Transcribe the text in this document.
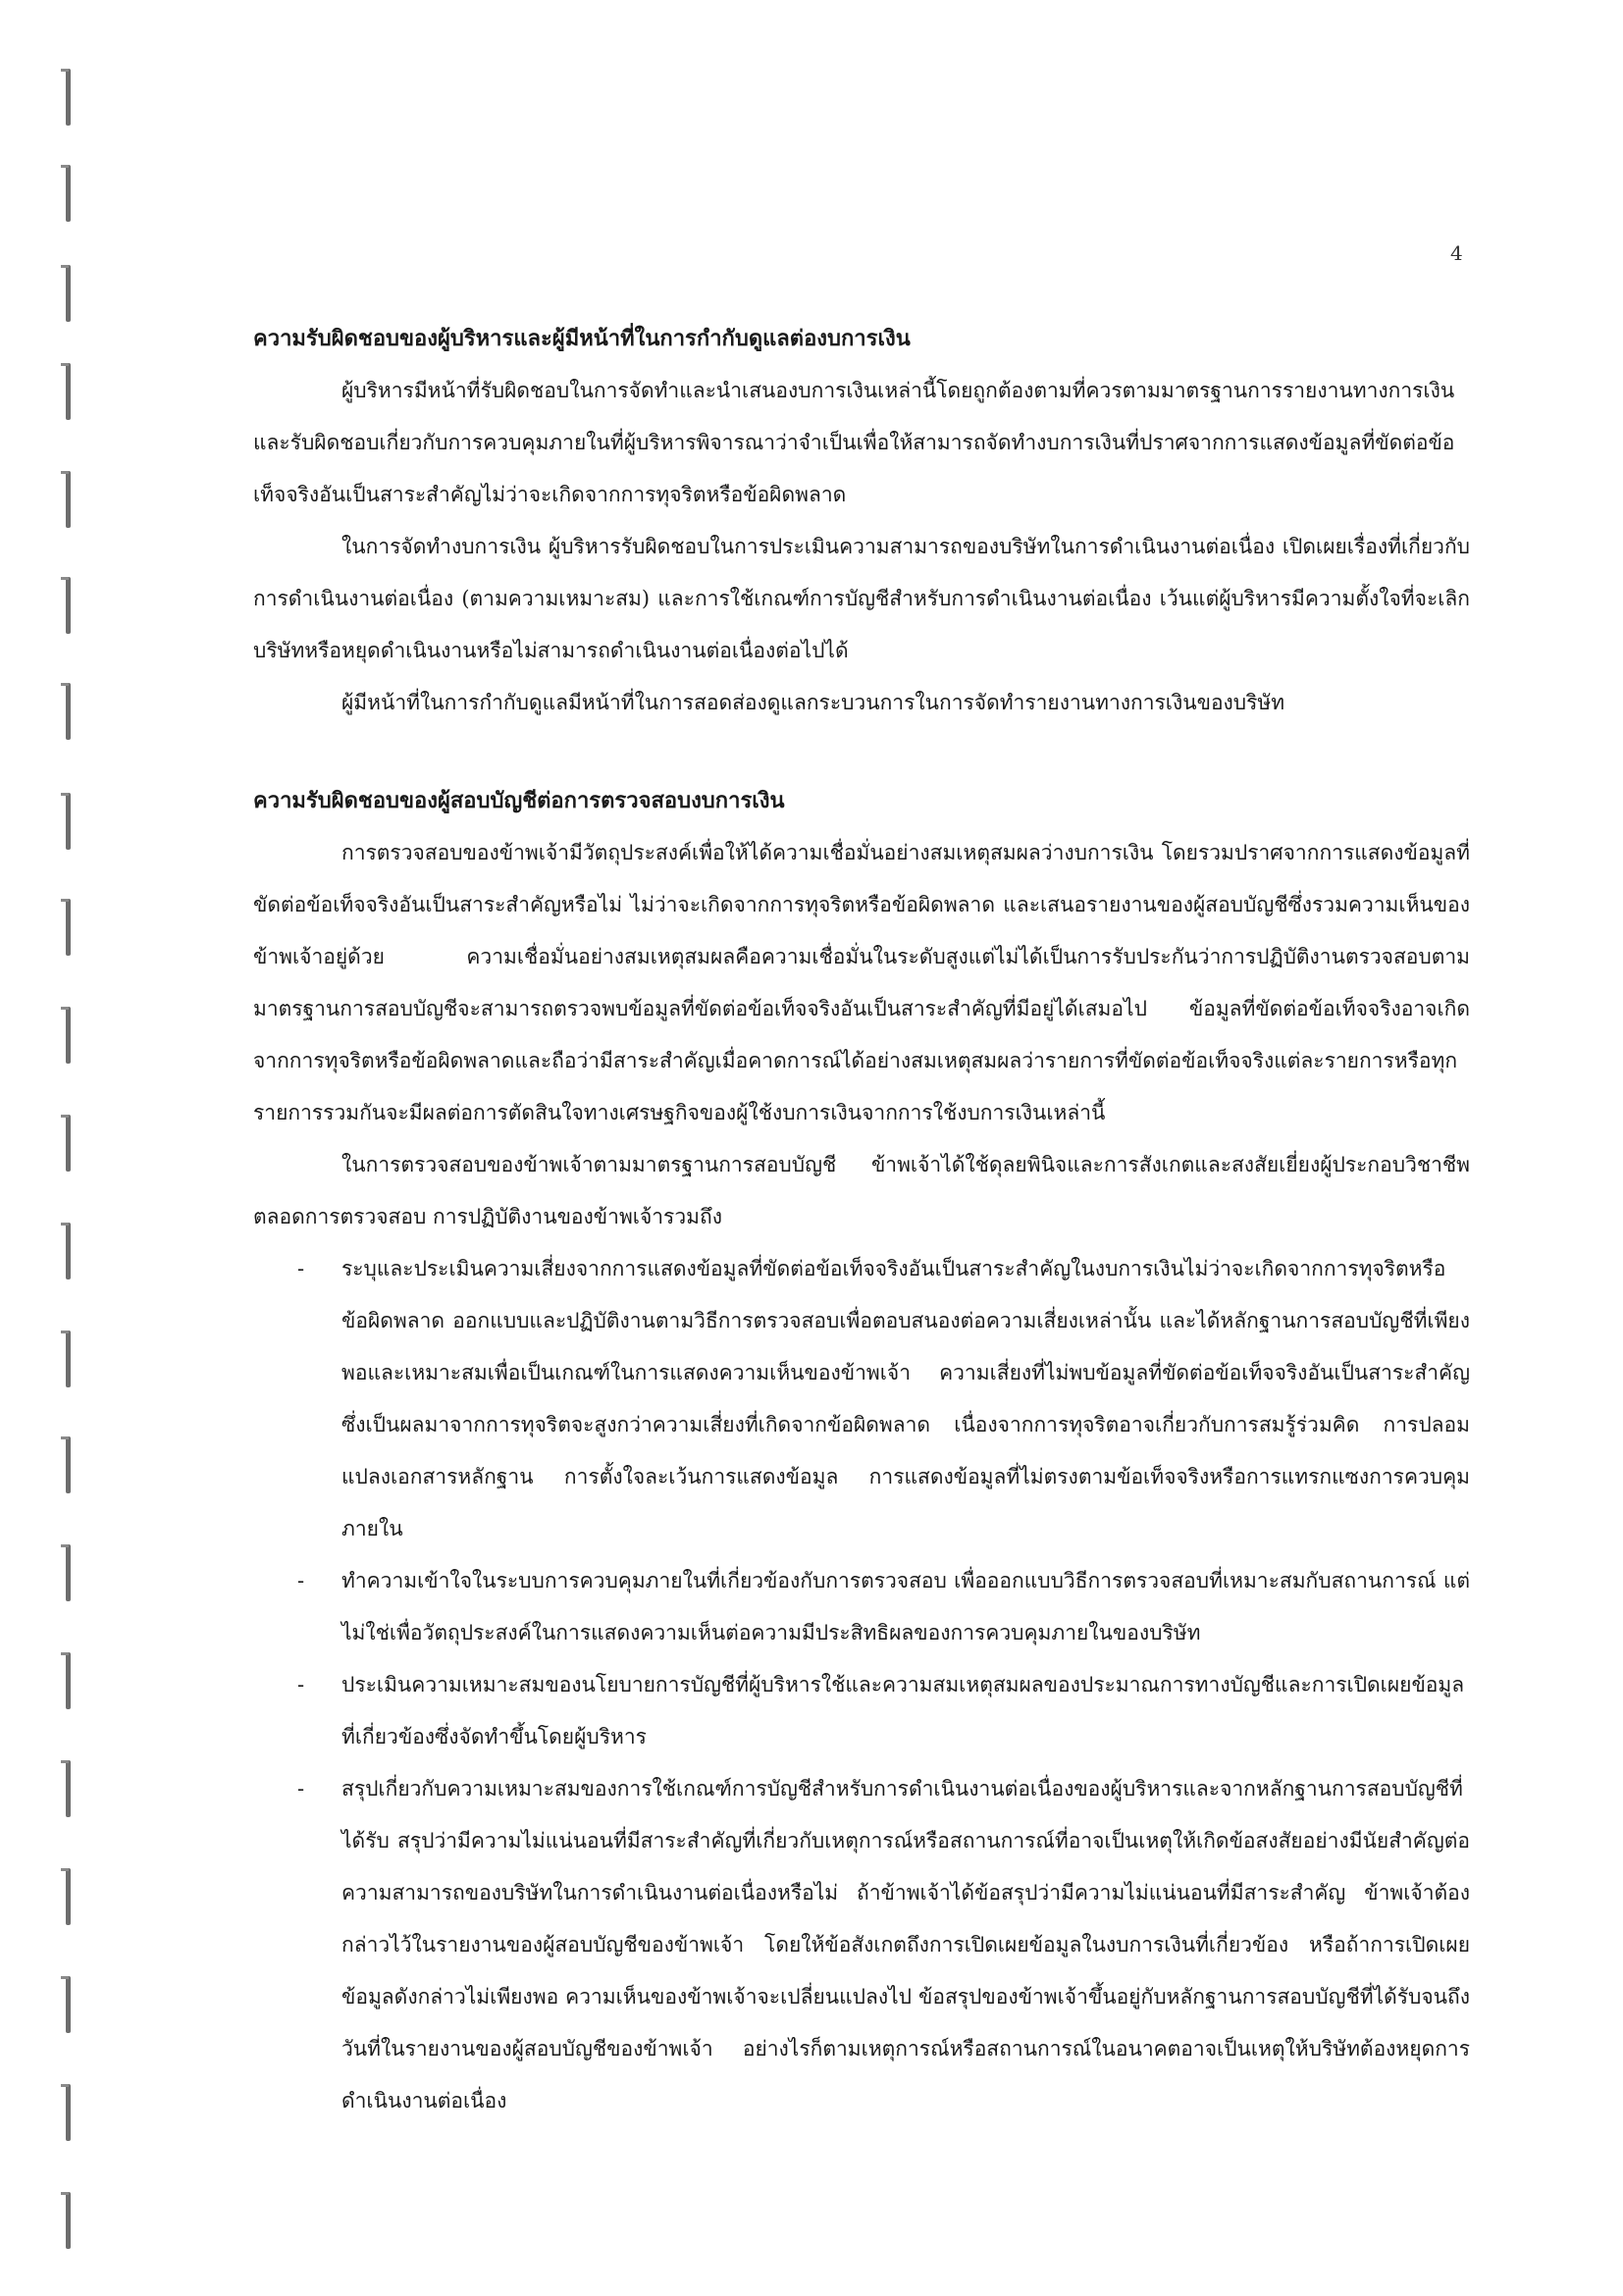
4
ความรับผิดชอบของผู้บริหารและผู้มีหน้าที่ในการกำกับดูแลต่องบการเงิน

ผู้บริหารมีหน้าที่รับผิดชอบในการจัดทำและนำเสนองบการเงินเหล่านี้โดยถูกต้องตามที่ควรตามมาตรฐานการรายงานทางการเงิน และรับผิดชอบเกี่ยวกับการควบคุมภายในที่ผู้บริหารพิจารณาว่าจำเป็นเพื่อให้สามารถจัดทำงบการเงินที่ปราศจากการแสดงข้อมูลที่ขัดต่อข้อเท็จจริงอันเป็นสาระสำคัญไม่ว่าจะเกิดจากการทุจริตหรือข้อผิดพลาด

ในการจัดทำงบการเงิน ผู้บริหารรับผิดชอบในการประเมินความสามารถของบริษัทในการดำเนินงานต่อเนื่อง เปิดเผยเรื่องที่เกี่ยวกับการดำเนินงานต่อเนื่อง (ตามความเหมาะสม) และการใช้เกณฑ์การบัญชีสำหรับการดำเนินงานต่อเนื่อง เว้นแต่ผู้บริหารมีความตั้งใจที่จะเลิกบริษัทหรือหยุดดำเนินงานหรือไม่สามารถดำเนินงานต่อเนื่องต่อไปได้

ผู้มีหน้าที่ในการกำกับดูแลมีหน้าที่ในการสอดส่องดูแลกระบวนการในการจัดทำรายงานทางการเงินของบริษัท

ความรับผิดชอบของผู้สอบบัญชีต่อการตรวจสอบงบการเงิน

การตรวจสอบของข้าพเจ้ามีวัตถุประสงค์เพื่อให้ได้ความเชื่อมั่นอย่างสมเหตุสมผลว่างบการเงิน โดยรวมปราศจากการแสดงข้อมูลที่ขัดต่อข้อเท็จจริงอันเป็นสาระสำคัญหรือไม่ ไม่ว่าจะเกิดจากการทุจริตหรือข้อผิดพลาด และเสนอรายงานของผู้สอบบัญชีซึ่งรวมความเห็นของข้าพเจ้าอยู่ด้วย ความเชื่อมั่นอย่างสมเหตุสมผลคือความเชื่อมั่นในระดับสูงแต่ไม่ได้เป็นการรับประกันว่าการปฏิบัติงานตรวจสอบตามมาตรฐานการสอบบัญชีจะสามารถตรวจพบข้อมูลที่ขัดต่อข้อเท็จจริงอันเป็นสาระสำคัญที่มีอยู่ได้เสมอไป ข้อมูลที่ขัดต่อข้อเท็จจริงอาจเกิดจากการทุจริตหรือข้อผิดพลาดและถือว่ามีสาระสำคัญเมื่อคาดการณ์ได้อย่างสมเหตุสมผลว่ารายการที่ขัดต่อข้อเท็จจริงแต่ละรายการหรือทุกรายการรวมกันจะมีผลต่อการตัดสินใจทางเศรษฐกิจของผู้ใช้งบการเงินจากการใช้งบการเงินเหล่านี้

ในการตรวจสอบของข้าพเจ้าตามมาตรฐานการสอบบัญชี ข้าพเจ้าได้ใช้ดุลยพินิจและการสังเกตและสงสัยเยี่ยงผู้ประกอบวิชาชีพตลอดการตรวจสอบ การปฏิบัติงานของข้าพเจ้ารวมถึง

- ระบุและประเมินความเสี่ยงจากการแสดงข้อมูลที่ขัดต่อข้อเท็จจริงอันเป็นสาระสำคัญในงบการเงินไม่ว่าจะเกิดจากการทุจริตหรือข้อผิดพลาด ออกแบบและปฏิบัติงานตามวิธีการตรวจสอบเพื่อตอบสนองต่อความเสี่ยงเหล่านั้น และได้หลักฐานการสอบบัญชีที่เพียงพอและเหมาะสมเพื่อเป็นเกณฑ์ในการแสดงความเห็นของข้าพเจ้า ความเสี่ยงที่ไม่พบข้อมูลที่ขัดต่อข้อเท็จจริงอันเป็นสาระสำคัญซึ่งเป็นผลมาจากการทุจริตจะสูงกว่าความเสี่ยงที่เกิดจากข้อผิดพลาด เนื่องจากการทุจริตอาจเกี่ยวกับการสมรู้ร่วมคิด การปลอมแปลงเอกสารหลักฐาน การตั้งใจละเว้นการแสดงข้อมูล การแสดงข้อมูลที่ไม่ตรงตามข้อเท็จจริงหรือการแทรกแซงการควบคุมภายใน
- ทำความเข้าใจในระบบการควบคุมภายในที่เกี่ยวข้องกับการตรวจสอบ เพื่อออกแบบวิธีการตรวจสอบที่เหมาะสมกับสถานการณ์ แต่ไม่ใช่เพื่อวัตถุประสงค์ในการแสดงความเห็นต่อความมีประสิทธิผลของการควบคุมภายในของบริษัท
- ประเมินความเหมาะสมของนโยบายการบัญชีที่ผู้บริหารใช้และความสมเหตุสมผลของประมาณการทางบัญชีและการเปิดเผยข้อมูลที่เกี่ยวข้องซึ่งจัดทำขึ้นโดยผู้บริหาร
- สรุปเกี่ยวกับความเหมาะสมของการใช้เกณฑ์การบัญชีสำหรับการดำเนินงานต่อเนื่องของผู้บริหารและจากหลักฐานการสอบบัญชีที่ได้รับ สรุปว่ามีความไม่แน่นอนที่มีสาระสำคัญที่เกี่ยวกับเหตุการณ์หรือสถานการณ์ที่อาจเป็นเหตุให้เกิดข้อสงสัยอย่างมีนัยสำคัญต่อความสามารถของบริษัทในการดำเนินงานต่อเนื่องหรือไม่ ถ้าข้าพเจ้าได้ข้อสรุปว่ามีความไม่แน่นอนที่มีสาระสำคัญ ข้าพเจ้าต้องกล่าวไว้ในรายงานของผู้สอบบัญชีของข้าพเจ้า โดยให้ข้อสังเกตถึงการเปิดเผยข้อมูลในงบการเงินที่เกี่ยวข้อง หรือถ้าการเปิดเผยข้อมูลดังกล่าวไม่เพียงพอ ความเห็นของข้าพเจ้าจะเปลี่ยนแปลงไป ข้อสรุปของข้าพเจ้าขึ้นอยู่กับหลักฐานการสอบบัญชีที่ได้รับจนถึงวันที่ในรายงานของผู้สอบบัญชีของข้าพเจ้า อย่างไรก็ตามเหตุการณ์หรือสถานการณ์ในอนาคตอาจเป็นเหตุให้บริษัทต้องหยุดการดำเนินงานต่อเนื่อง
